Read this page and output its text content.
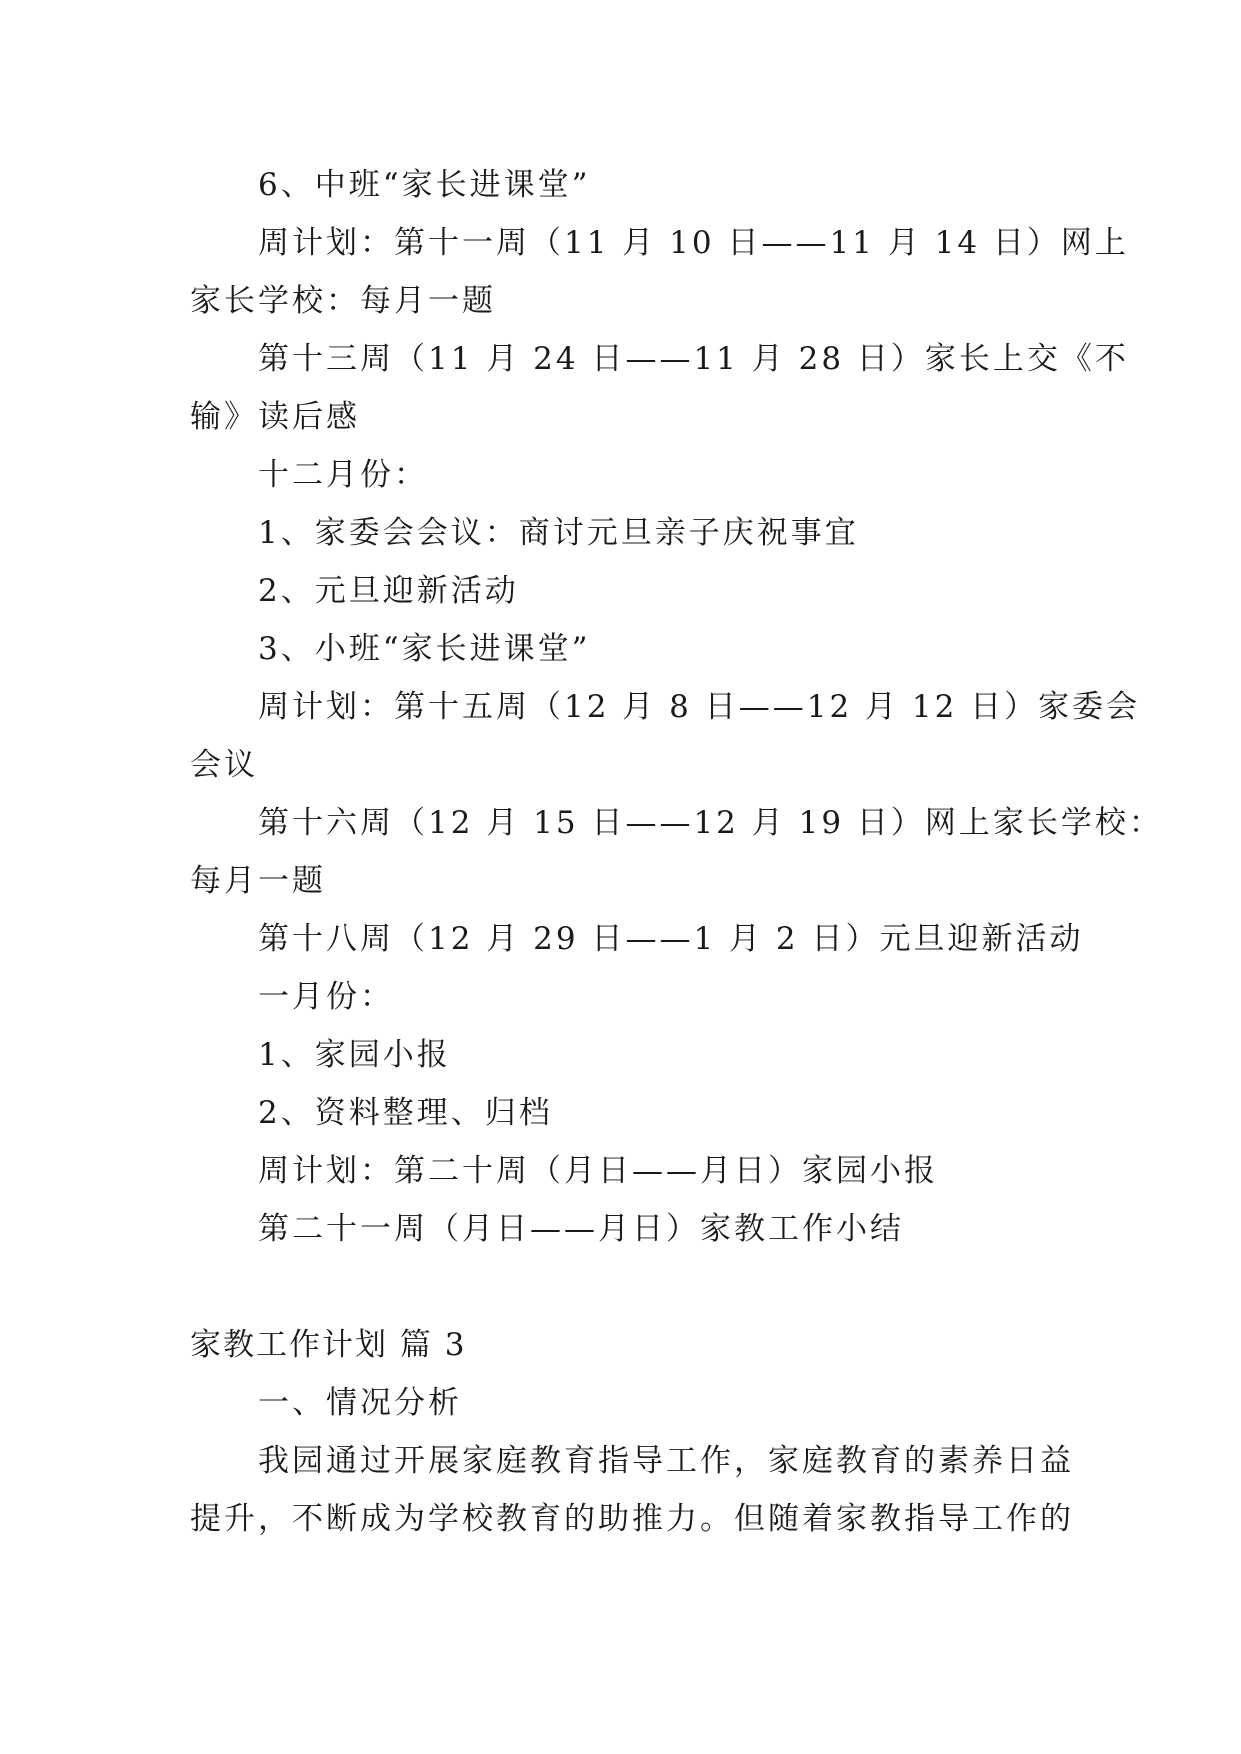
6、中班“家长进课堂”
周计划：第十一周（11 月 10 日——11 月 14 日）网上
家长学校：每月一题
第十三周（11 月 24 日——11 月 28 日）家长上交《不
输》读后感
十二月份：
1、家委会会议：商讨元旦亲子庆祝事宜
2、元旦迎新活动
3、小班“家长进课堂”
周计划：第十五周（12 月 8 日——12 月 12 日）家委会
会议
第十六周（12 月 15 日——12 月 19 日）网上家长学校：
每月一题
第十八周（12 月 29 日——1 月 2 日）元旦迎新活动
一月份：
1、家园小报
2、资料整理、归档
周计划：第二十周（月日——月日）家园小报
第二十一周（月日——月日）家教工作小结
家教工作计划 篇 3
一、情况分析
我园通过开展家庭教育指导工作，家庭教育的素养日益
提升，不断成为学校教育的助推力。但随着家教指导工作的
